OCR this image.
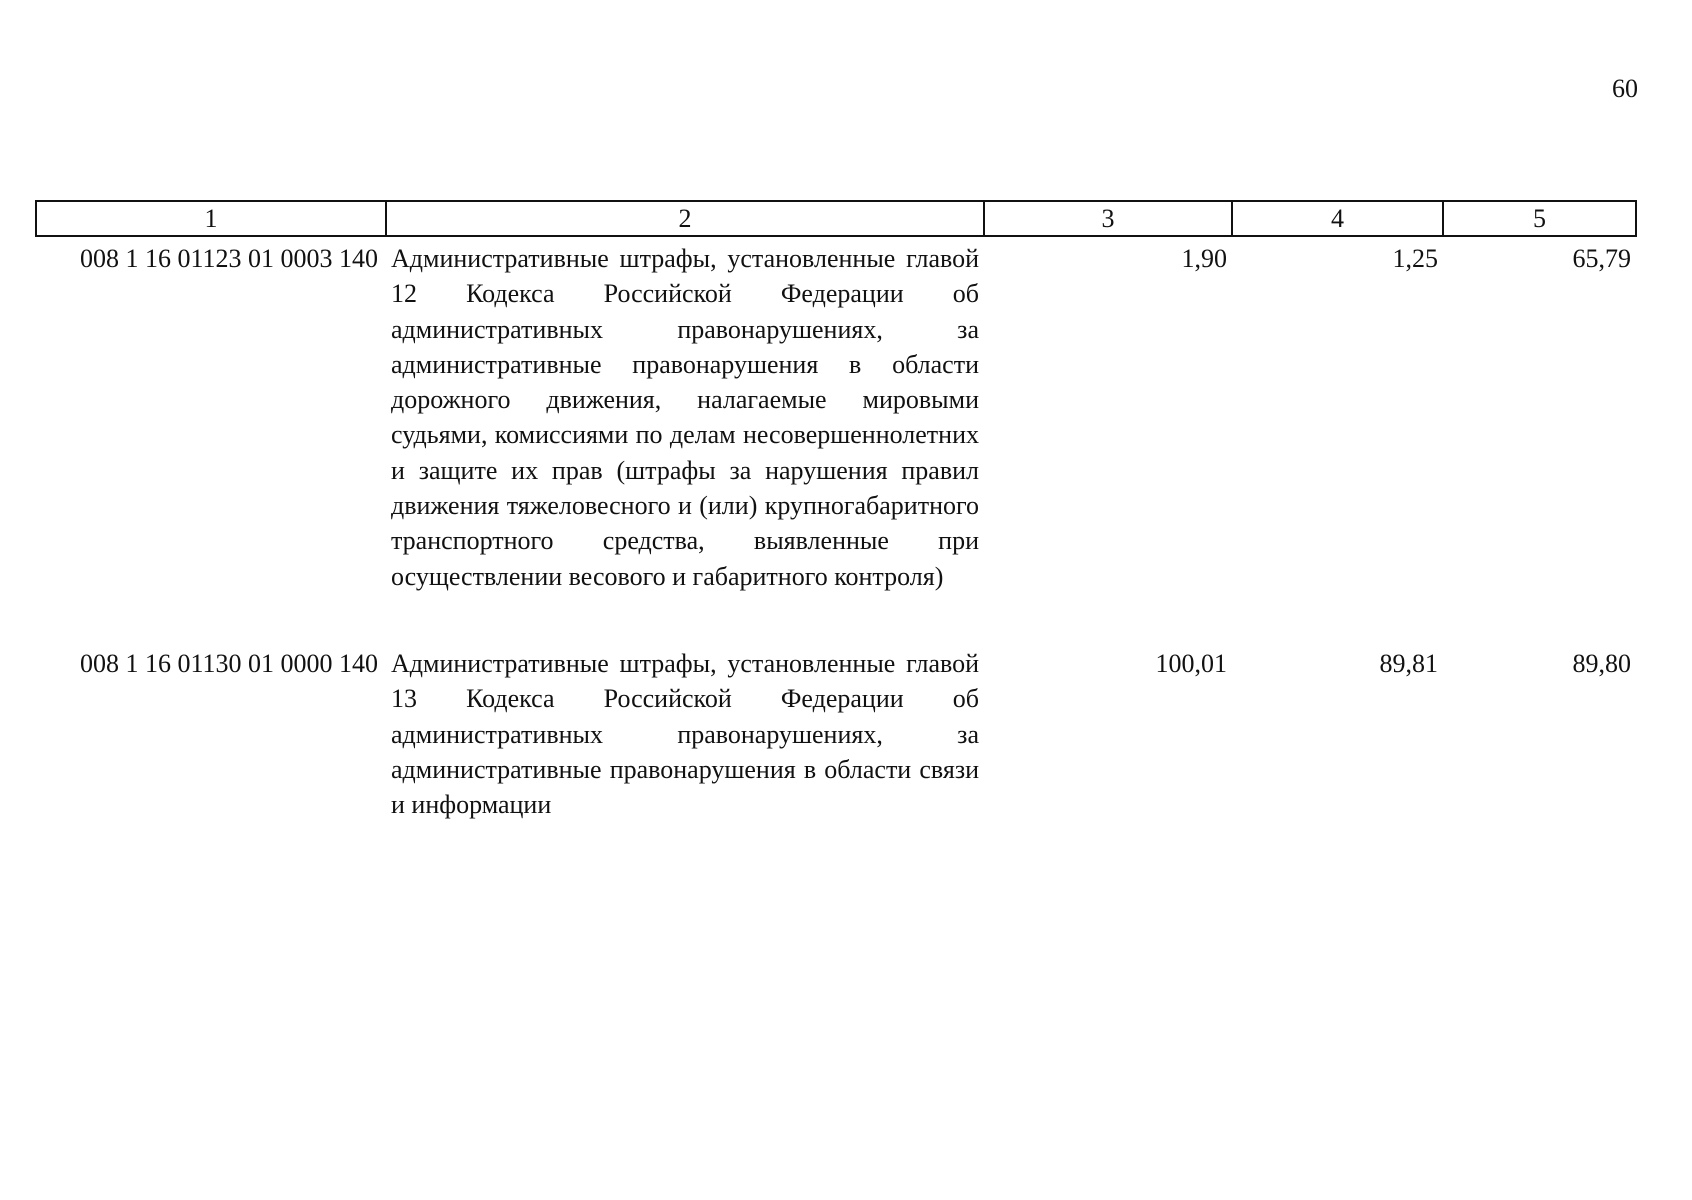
60
1	2	3	4	5
008 1 16 01123 01 0003 140	Административные штрафы, установленные главой 12 Кодекса Российской Федерации об административных правонарушениях, за административные правонарушения в области дорожного движения, налагаемые мировыми судьями, комиссиями по делам несовершеннолетних и защите их прав (штрафы за нарушения правил движения тяжеловесного и (или) крупногабаритного транспортного средства, выявленные при осуществлении весового и габаритного контроля)	1,90	1,25	65,79
008 1 16 01130 01 0000 140	Административные штрафы, установленные главой 13 Кодекса Российской Федерации об административных правонарушениях, за административные правонарушения в области связи и информации	100,01	89,81	89,80
